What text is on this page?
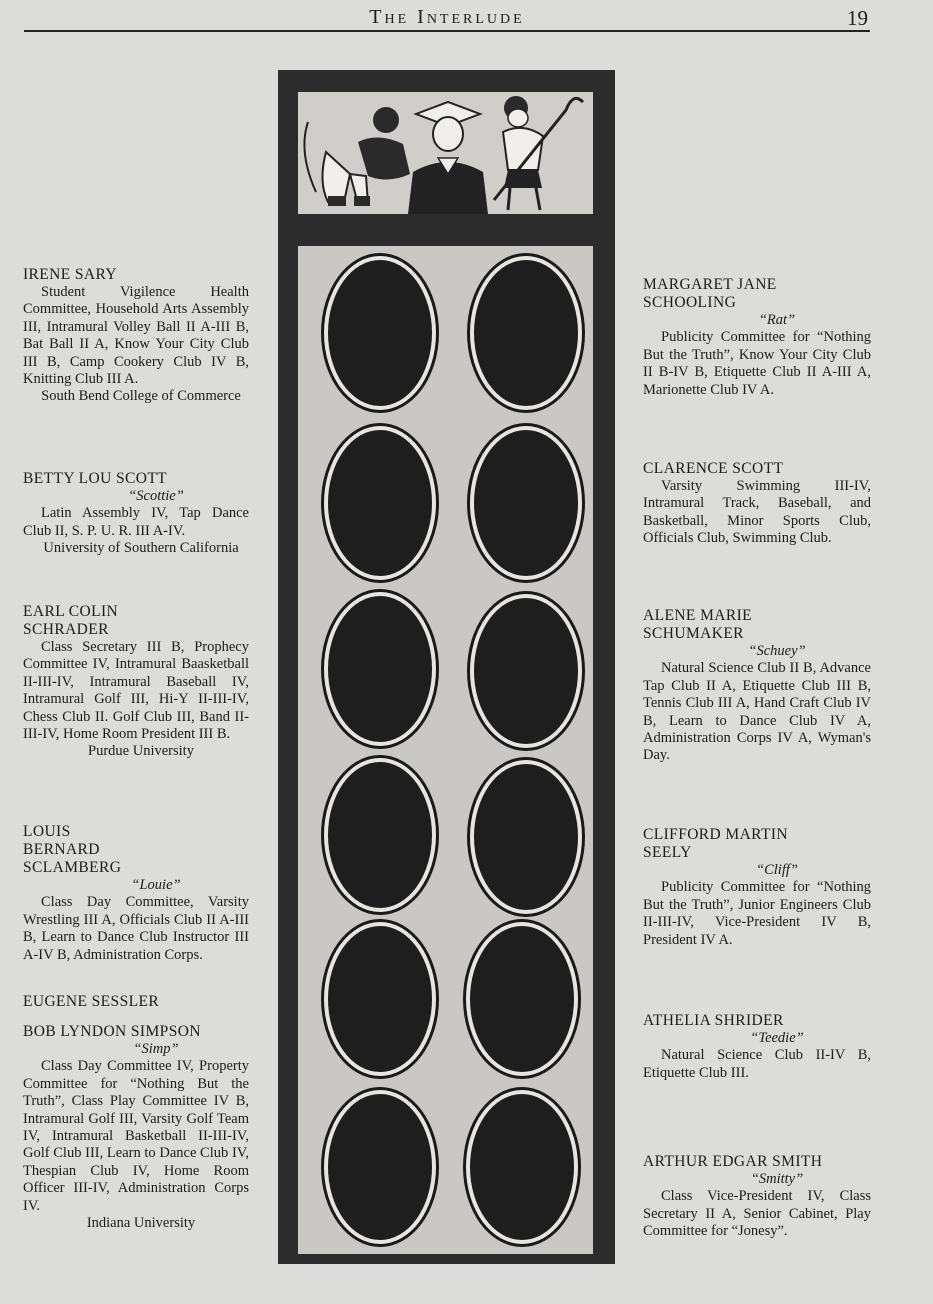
The Interlude	19
IRENE SARY
Student Vigilence Health Committee, Household Arts Assembly III, Intramural Volley Ball II A-III B, Bat Ball II A, Know Your City Club III B, Camp Cookery Club IV B, Knitting Club III A.
South Bend College of Commerce
BETTY LOU SCOTT
“Scottie”
Latin Assembly IV, Tap Dance Club II, S. P. U. R. III A-IV.
University of Southern California
EARL COLIN SCHRADER
Class Secretary III B, Prophecy Committee IV, Intramural Baasketball II-III-IV, Intramural Baseball IV, Intramural Golf III, Hi-Y II-III-IV, Chess Club II. Golf Club III, Band II-III-IV, Home Room President III B.
Purdue University
LOUIS BERNARD SCLAMBERG
“Louie”
Class Day Committee, Varsity Wrestling III A, Officials Club II A-III B, Learn to Dance Club Instructor III A-IV B, Administration Corps.
EUGENE SESSLER
BOB LYNDON SIMPSON
“Simp”
Class Day Committee IV, Property Committee for “Nothing But the Truth”, Class Play Committee IV B, Intramural Golf III, Varsity Golf Team IV, Intramural Basketball II-III-IV, Golf Club III, Learn to Dance Club IV, Thespian Club IV, Home Room Officer III-IV, Administration Corps IV.
Indiana University
MARGARET JANE SCHOOLING
“Rat”
Publicity Committee for “Nothing But the Truth”, Know Your City Club II B-IV B, Etiquette Club II A-III A, Marionette Club IV A.
CLARENCE SCOTT
Varsity Swimming III-IV, Intramural Track, Baseball, and Basketball, Minor Sports Club, Officials Club, Swimming Club.
ALENE MARIE SCHUMAKER
“Schuey”
Natural Science Club II B, Advance Tap Club II A, Etiquette Club III B, Tennis Club III A, Hand Craft Club IV B, Learn to Dance Club IV A, Administration Corps IV A, Wyman's Day.
CLIFFORD MARTIN SEELY
“Cliff”
Publicity Committee for “Nothing But the Truth”, Junior Engineers Club II-III-IV, Vice-President IV B, President IV A.
ATHELIA SHRIDER
“Teedie”
Natural Science Club II-IV B, Etiquette Club III.
ARTHUR EDGAR SMITH
“Smitty”
Class Vice-President IV, Class Secretary II A, Senior Cabinet, Play Committee for “Jonesy”.
